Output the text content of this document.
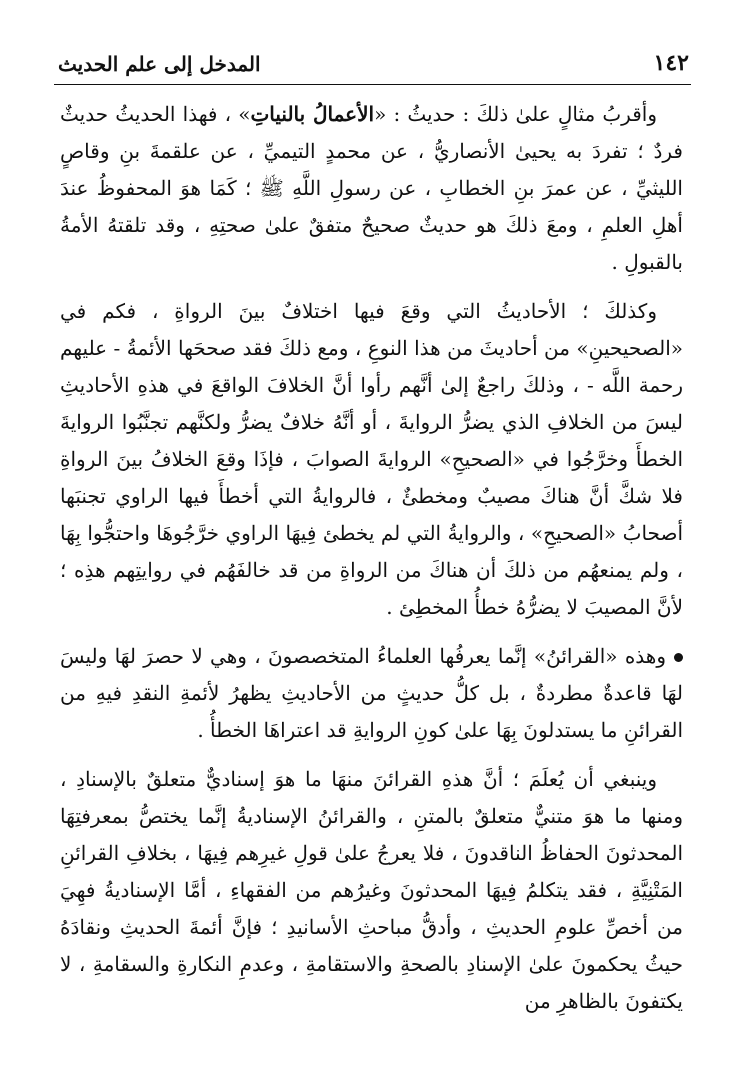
١٤٢
المدخل إلى علم الحديث

وأقربُ مثالٍ علىٰ ذلكَ : حديثُ : «الأعمالُ بالنياتِ» ، فهذا الحديثُ حديثٌ فردٌ ؛ تفردَ به يحيىٰ الأنصاريُّ ، عن محمدٍ التيميِّ ، عن علقمةَ بنِ وقاصٍ الليثيِّ ، عن عمرَ بنِ الخطابِ ، عن رسولِ اللَّهِ ﷺ ؛ كَمَا هوَ المحفوظُ عندَ أهلِ العلمِ ، ومعَ ذلكَ هو حديثٌ صحيحٌ متفقٌ علىٰ صحتِهِ ، وقد تلقتهُ الأمةُ بالقبولِ .

وكذلكَ ؛ الأحاديثُ التي وقعَ فيها اختلافٌ بينَ الرواةِ ، فكم في «الصحيحينِ» من أحاديثَ من هذا النوعِ ، ومع ذلكَ فقد صححَها الأئمةُ - عليهم رحمة اللَّه - ، وذلكَ راجعٌ إلىٰ أنَّهم رأوا أنَّ الخلافَ الواقعَ في هذهِ الأحاديثِ ليسَ من الخلافِ الذي يضرُّ الروايةَ ، أو أنَّهُ خلافٌ يضرُّ ولكنَّهم تجنَّبُوا الروايةَ الخطأَ وخرَّجُوا في «الصحيحِ» الروايةَ الصوابَ ، فإذَا وقعَ الخلافُ بينَ الرواةِ فلا شكَّ أنَّ هناكَ مصيبٌ ومخطئٌ ، فالروايةُ التي أخطأَ فيها الراوي تجنبَها أصحابُ «الصحيحِ» ، والروايةُ التي لم يخطئ فِيهَا الراوي خرَّجُوهَا واحتجُّوا بِهَا ، ولم يمنعهُم من ذلكَ أن هناكَ من الرواةِ من قد خالفَهُم في روايتِهم هذِه ؛ لأنَّ المصيبَ لا يضرُّهُ خطأُ المخطِئ .

وهذه «القرائنُ» إنَّما يعرفُها العلماءُ المتخصصونَ ، وهي لا حصرَ لهَا وليسَ لهَا قاعدةٌ مطردةٌ ، بل كلُّ حديثٍ من الأحاديثِ يظهرُ لأئمةِ النقدِ فيهِ من القرائنِ ما يستدلونَ بِهَا علىٰ كونِ الروايةِ قد اعتراهَا الخطأُ .

وينبغي أن يُعلَمَ ؛ أنَّ هذهِ القرائنَ منهَا ما هوَ إسناديٌّ متعلقٌ بالإسنادِ ، ومنها ما هوَ متنيٌّ متعلقٌ بالمتنِ ، والقرائنُ الإسناديةُ إنَّما يختصُّ بمعرفتِهَا المحدثونَ الحفاظُ الناقدونَ ، فلا يعرجُ علىٰ قولِ غيرِهم فِيهَا ، بخلافِ القرائنِ المَتْنِيَّةِ ، فقد يتكلمُ فِيهَا المحدثونَ وغيرُهم من الفقهاءِ ، أمَّا الإسناديةُ فهِيَ من أخصِّ علومِ الحديثِ ، وأدقُّ مباحثِ الأسانيدِ ؛ فإنَّ أئمةَ الحديثِ ونقادَهُ حيثُ يحكمونَ علىٰ الإسنادِ بالصحةِ والاستقامةِ ، وعدمِ النكارةِ والسقامةِ ، لا يكتفونَ بالظاهرِ من
